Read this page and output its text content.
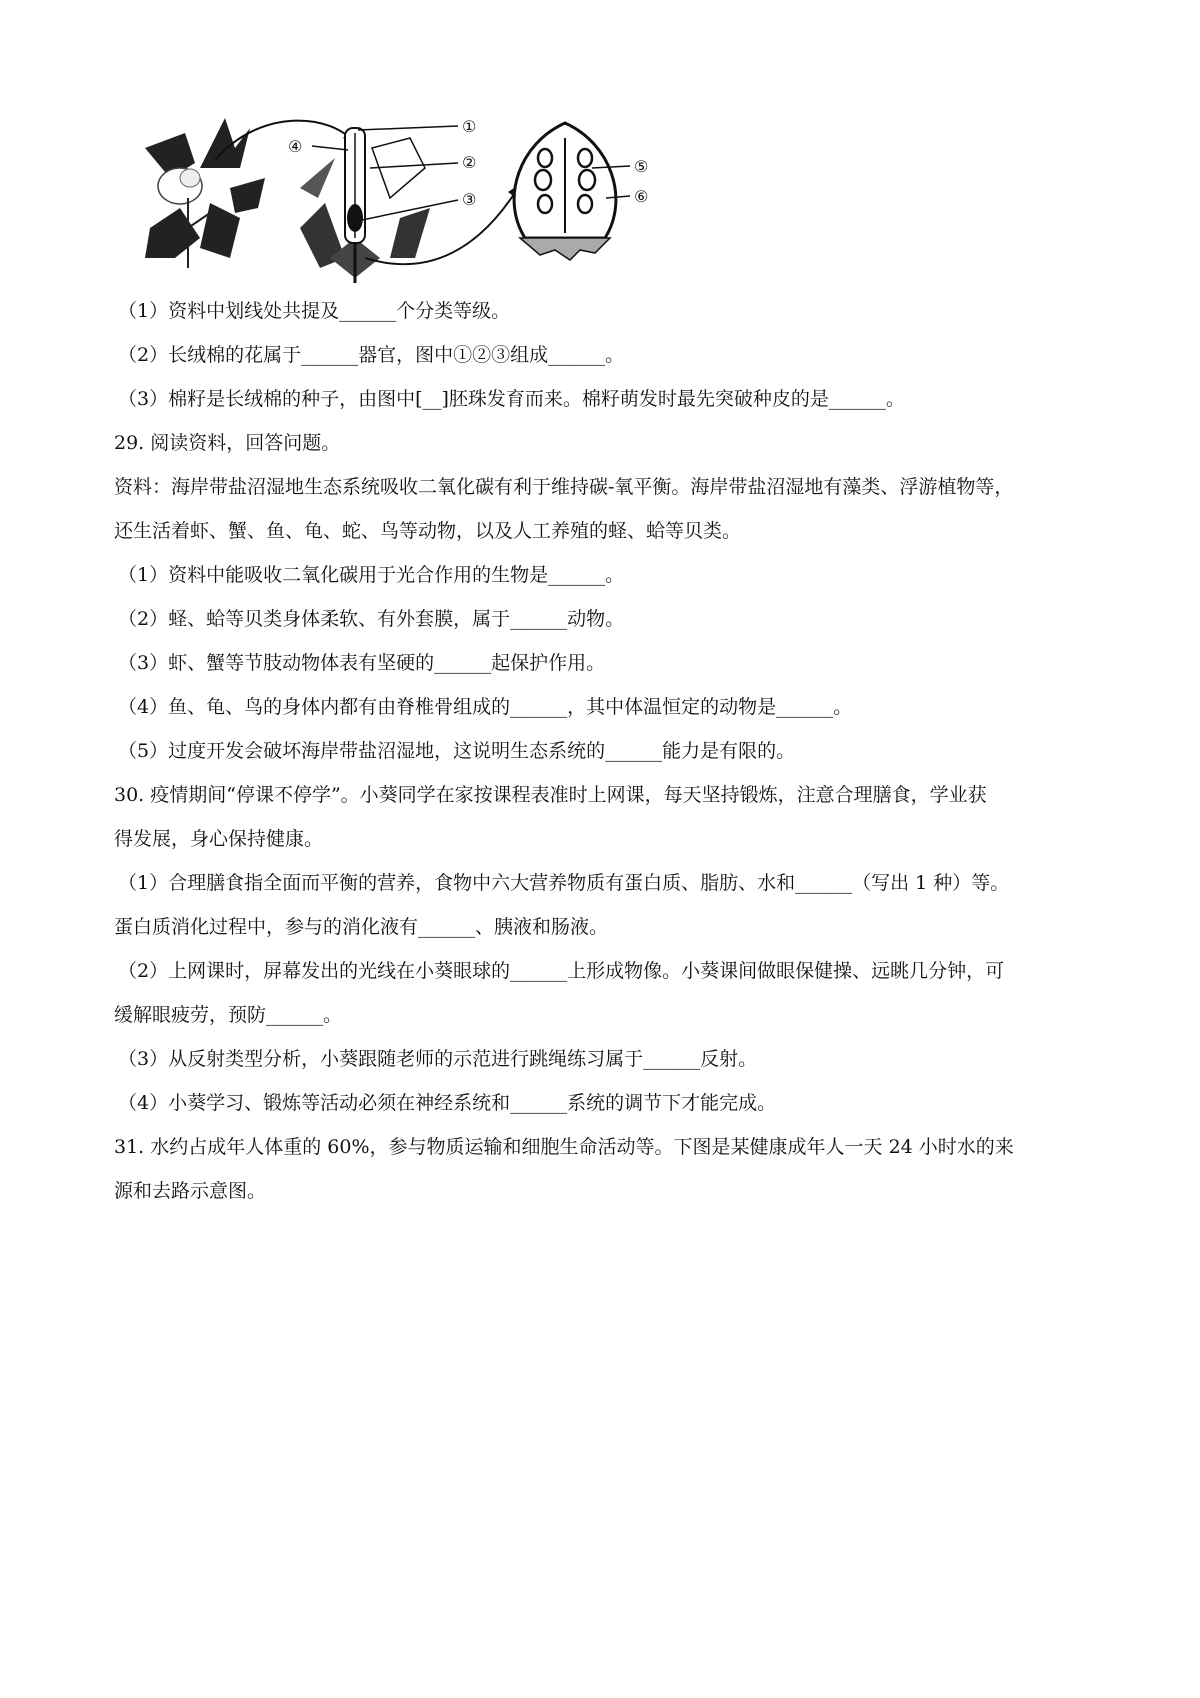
④
①
②
③
⑤
⑥
（1）资料中划线处共提及______个分类等级。
（2）长绒棉的花属于______器官，图中①②③组成______。
（3）棉籽是长绒棉的种子，由图中[__]胚珠发育而来。棉籽萌发时最先突破种皮的是______。
29. 阅读资料，回答问题。
资料：海岸带盐沼湿地生态系统吸收二氧化碳有利于维持碳-氧平衡。海岸带盐沼湿地有藻类、浮游植物等，
还生活着虾、蟹、鱼、龟、蛇、鸟等动物，以及人工养殖的蛏、蛤等贝类。
（1）资料中能吸收二氧化碳用于光合作用的生物是______。
（2）蛏、蛤等贝类身体柔软、有外套膜，属于______动物。
（3）虾、蟹等节肢动物体表有坚硬的______起保护作用。
（4）鱼、龟、鸟的身体内都有由脊椎骨组成的______，其中体温恒定的动物是______。
（5）过度开发会破坏海岸带盐沼湿地，这说明生态系统的______能力是有限的。
30. 疫情期间“停课不停学”。小葵同学在家按课程表准时上网课，每天坚持锻炼，注意合理膳食，学业获
得发展，身心保持健康。
（1）合理膳食指全面而平衡的营养，食物中六大营养物质有蛋白质、脂肪、水和______（写出 1 种）等。
蛋白质消化过程中，参与的消化液有______、胰液和肠液。
（2）上网课时，屏幕发出的光线在小葵眼球的______上形成物像。小葵课间做眼保健操、远眺几分钟，可
缓解眼疲劳，预防______。
（3）从反射类型分析，小葵跟随老师的示范进行跳绳练习属于______反射。
（4）小葵学习、锻炼等活动必须在神经系统和______系统的调节下才能完成。
31. 水约占成年人体重的 60%，参与物质运输和细胞生命活动等。下图是某健康成年人一天 24 小时水的来
源和去路示意图。
